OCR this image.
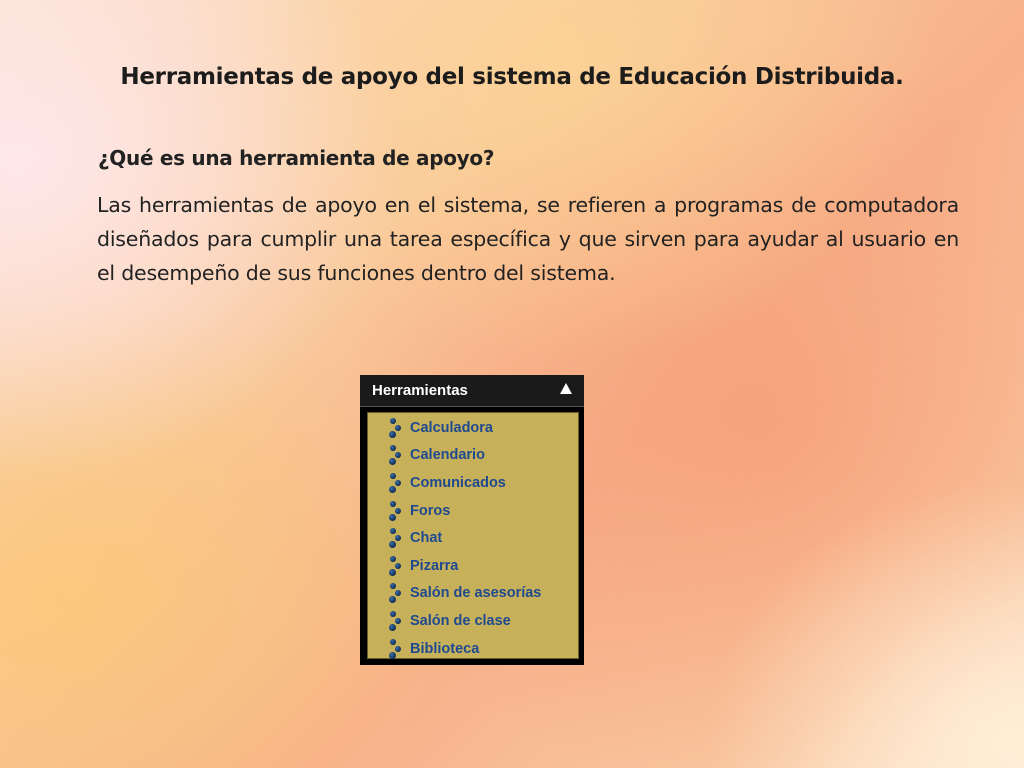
Herramientas de apoyo del sistema de Educación Distribuida.
¿Qué es una herramienta de apoyo?
Las herramientas de apoyo en el sistema, se refieren a programas de computadora diseñados para cumplir una tarea específica y que sirven para ayudar al usuario en el desempeño de sus funciones dentro del sistema.
Herramientas
Calculadora
Calendario
Comunicados
Foros
Chat
Pizarra
Salón de asesorías
Salón de clase
Biblioteca
